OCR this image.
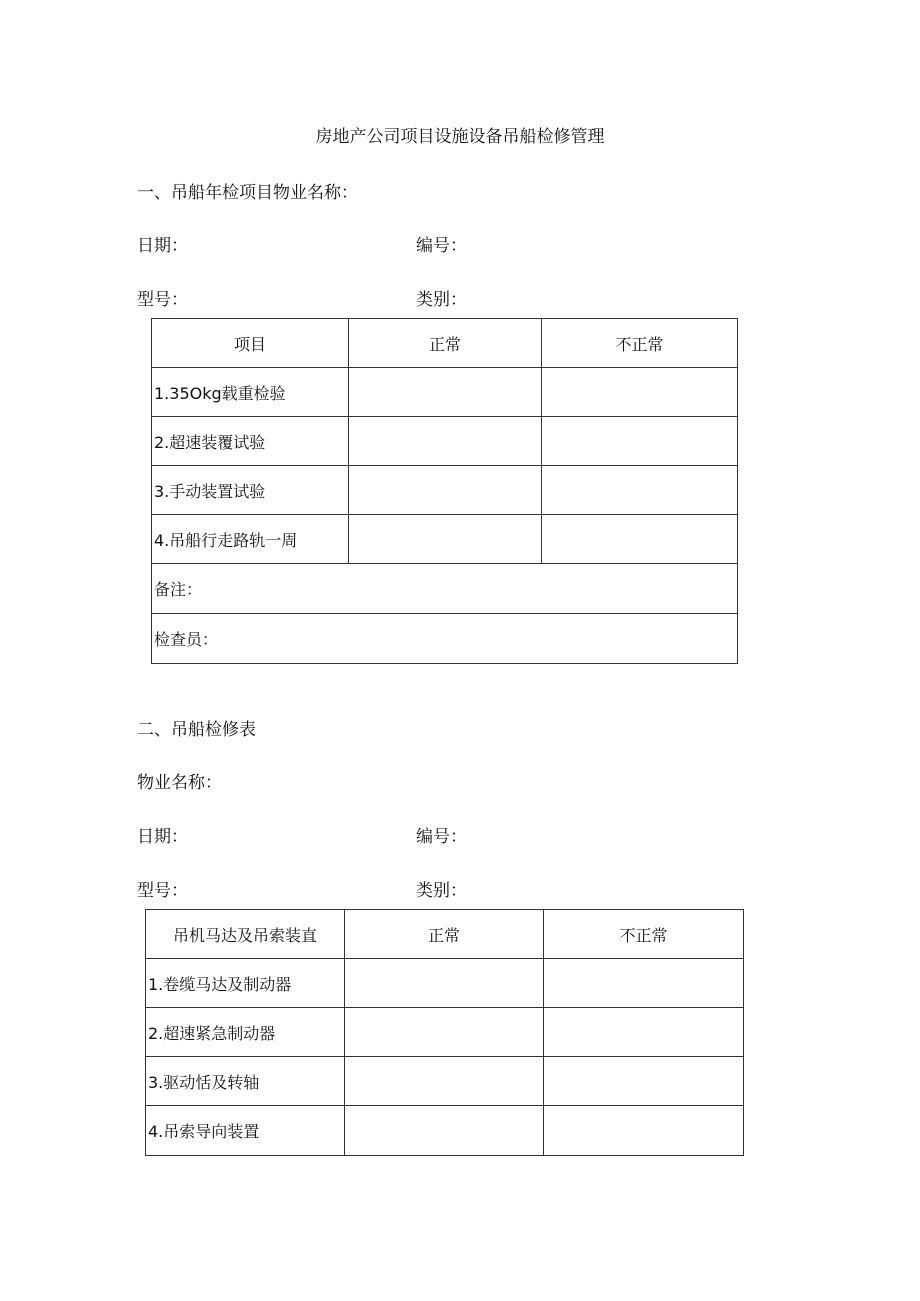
房地产公司项目设施设备吊船检修管理
一、吊船年检项目物业名称：
日期：	编号：
型号：	类别：
项目	正常	不正常
1.35Okg载重检验		
2.超速装覆试验		
3.手动装置试验		
4.吊船行走路轨一周		
备注：		
检查员：		
二、吊船检修表
物业名称：
日期：	编号：
型号：	类别：
吊机马达及吊索装直	正常	不正常
1.卷缆马达及制动器		
2.超速紧急制动器		
3.驱动恬及转轴		
4.吊索导向装置		
